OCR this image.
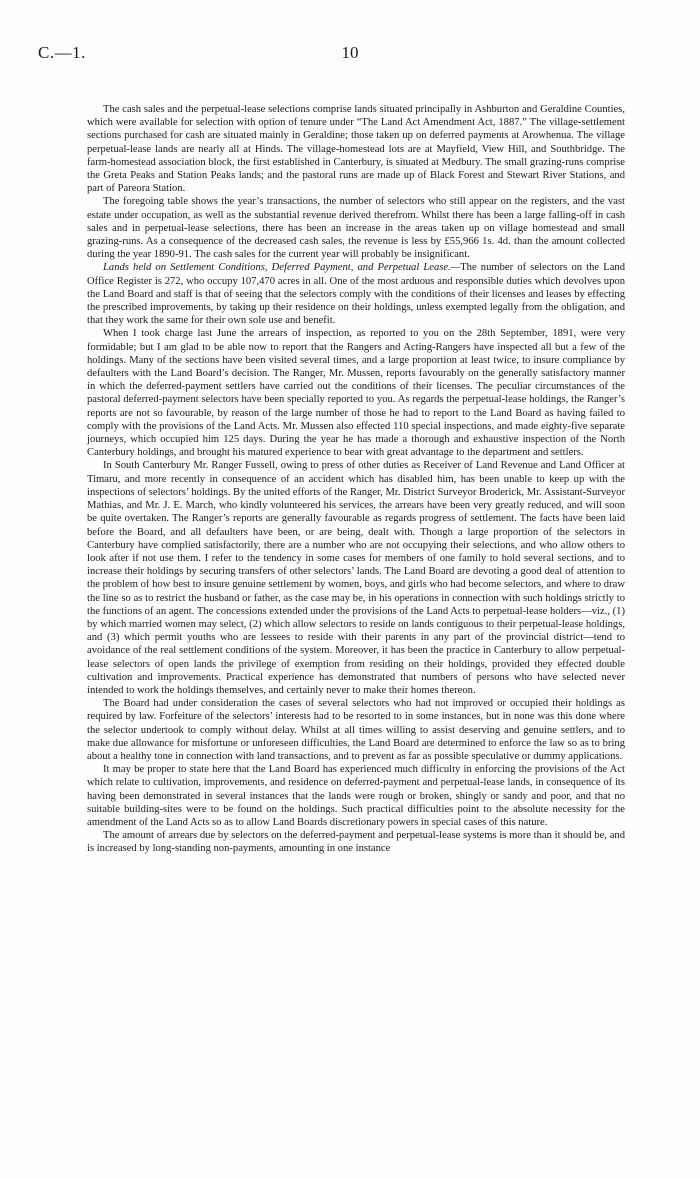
C.—1.	10

The cash sales and the perpetual-lease selections comprise lands situated principally in Ashburton and Geraldine Counties, which were available for selection with option of tenure under “The Land Act Amendment Act, 1887.” The village-settlement sections purchased for cash are situated mainly in Geraldine; those taken up on deferred payments at Arowhenua. The village perpetual-lease lands are nearly all at Hinds. The village-homestead lots are at Mayfield, View Hill, and Southbridge. The farm-homestead association block, the first established in Canterbury, is situated at Medbury. The small grazing-runs comprise the Greta Peaks and Station Peaks lands; and the pastoral runs are made up of Black Forest and Stewart River Stations, and part of Pareora Station.

The foregoing table shows the year’s transactions, the number of selectors who still appear on the registers, and the vast estate under occupation, as well as the substantial revenue derived therefrom. Whilst there has been a large falling-off in cash sales and in perpetual-lease selections, there has been an increase in the areas taken up on village homestead and small grazing-runs. As a consequence of the decreased cash sales, the revenue is less by £55,966 1s. 4d. than the amount collected during the year 1890-91. The cash sales for the current year will probably be insignificant.

Lands held on Settlement Conditions, Deferred Payment, and Perpetual Lease.—The number of selectors on the Land Office Register is 272, who occupy 107,470 acres in all. One of the most arduous and responsible duties which devolves upon the Land Board and staff is that of seeing that the selectors comply with the conditions of their licenses and leases by effecting the prescribed improvements, by taking up their residence on their holdings, unless exempted legally from the obligation, and that they work the same for their own sole use and benefit.

When I took charge last June the arrears of inspection, as reported to you on the 28th September, 1891, were very formidable; but I am glad to be able now to report that the Rangers and Acting-Rangers have inspected all but a few of the holdings. Many of the sections have been visited several times, and a large proportion at least twice, to insure compliance by defaulters with the Land Board’s decision. The Ranger, Mr. Mussen, reports favourably on the generally satisfactory manner in which the deferred-payment settlers have carried out the conditions of their licenses. The peculiar circumstances of the pastoral deferred-payment selectors have been specially reported to you. As regards the perpetual-lease holdings, the Ranger’s reports are not so favourable, by reason of the large number of those he had to report to the Land Board as having failed to comply with the provisions of the Land Acts. Mr. Mussen also effected 110 special inspections, and made eighty-five separate journeys, which occupied him 125 days. During the year he has made a thorough and exhaustive inspection of the North Canterbury holdings, and brought his matured experience to bear with great advantage to the department and settlers.

In South Canterbury Mr. Ranger Fussell, owing to press of other duties as Receiver of Land Revenue and Land Officer at Timaru, and more recently in consequence of an accident which has disabled him, has been unable to keep up with the inspections of selectors’ holdings. By the united efforts of the Ranger, Mr. District Surveyor Broderick, Mr. Assistant-Surveyor Mathias, and Mr. J. E. March, who kindly volunteered his services, the arrears have been very greatly reduced, and will soon be quite overtaken. The Ranger’s reports are generally favourable as regards progress of settlement. The facts have been laid before the Board, and all defaulters have been, or are being, dealt with. Though a large proportion of the selectors in Canterbury have complied satisfactorily, there are a number who are not occupying their selections, and who allow others to look after if not use them. I refer to the tendency in some cases for members of one family to hold several sections, and to increase their holdings by securing transfers of other selectors’ lands. The Land Board are devoting a good deal of attention to the problem of how best to insure genuine settlement by women, boys, and girls who had become selectors, and where to draw the line so as to restrict the husband or father, as the case may be, in his operations in connection with such holdings strictly to the functions of an agent. The concessions extended under the provisions of the Land Acts to perpetual-lease holders—viz., (1) by which married women may select, (2) which allow selectors to reside on lands contiguous to their perpetual-lease holdings, and (3) which permit youths who are lessees to reside with their parents in any part of the provincial district—tend to avoidance of the real settlement conditions of the system. Moreover, it has been the practice in Canterbury to allow perpetual-lease selectors of open lands the privilege of exemption from residing on their holdings, provided they effected double cultivation and improvements. Practical experience has demonstrated that numbers of persons who have selected never intended to work the holdings themselves, and certainly never to make their homes thereon.

The Board had under consideration the cases of several selectors who had not improved or occupied their holdings as required by law. Forfeiture of the selectors’ interests had to be resorted to in some instances, but in none was this done where the selector undertook to comply without delay. Whilst at all times willing to assist deserving and genuine settlers, and to make due allowance for misfortune or unforeseen difficulties, the Land Board are determined to enforce the law so as to bring about a healthy tone in connection with land transactions, and to prevent as far as possible speculative or dummy applications.

It may be proper to state here that the Land Board has experienced much difficulty in enforcing the provisions of the Act which relate to cultivation, improvements, and residence on deferred-payment and perpetual-lease lands, in consequence of its having been demonstrated in several instances that the lands were rough or broken, shingly or sandy and poor, and that no suitable building-sites were to be found on the holdings. Such practical difficulties point to the absolute necessity for the amendment of the Land Acts so as to allow Land Boards discretionary powers in special cases of this nature.

The amount of arrears due by selectors on the deferred-payment and perpetual-lease systems is more than it should be, and is increased by long-standing non-payments, amounting in one instance
